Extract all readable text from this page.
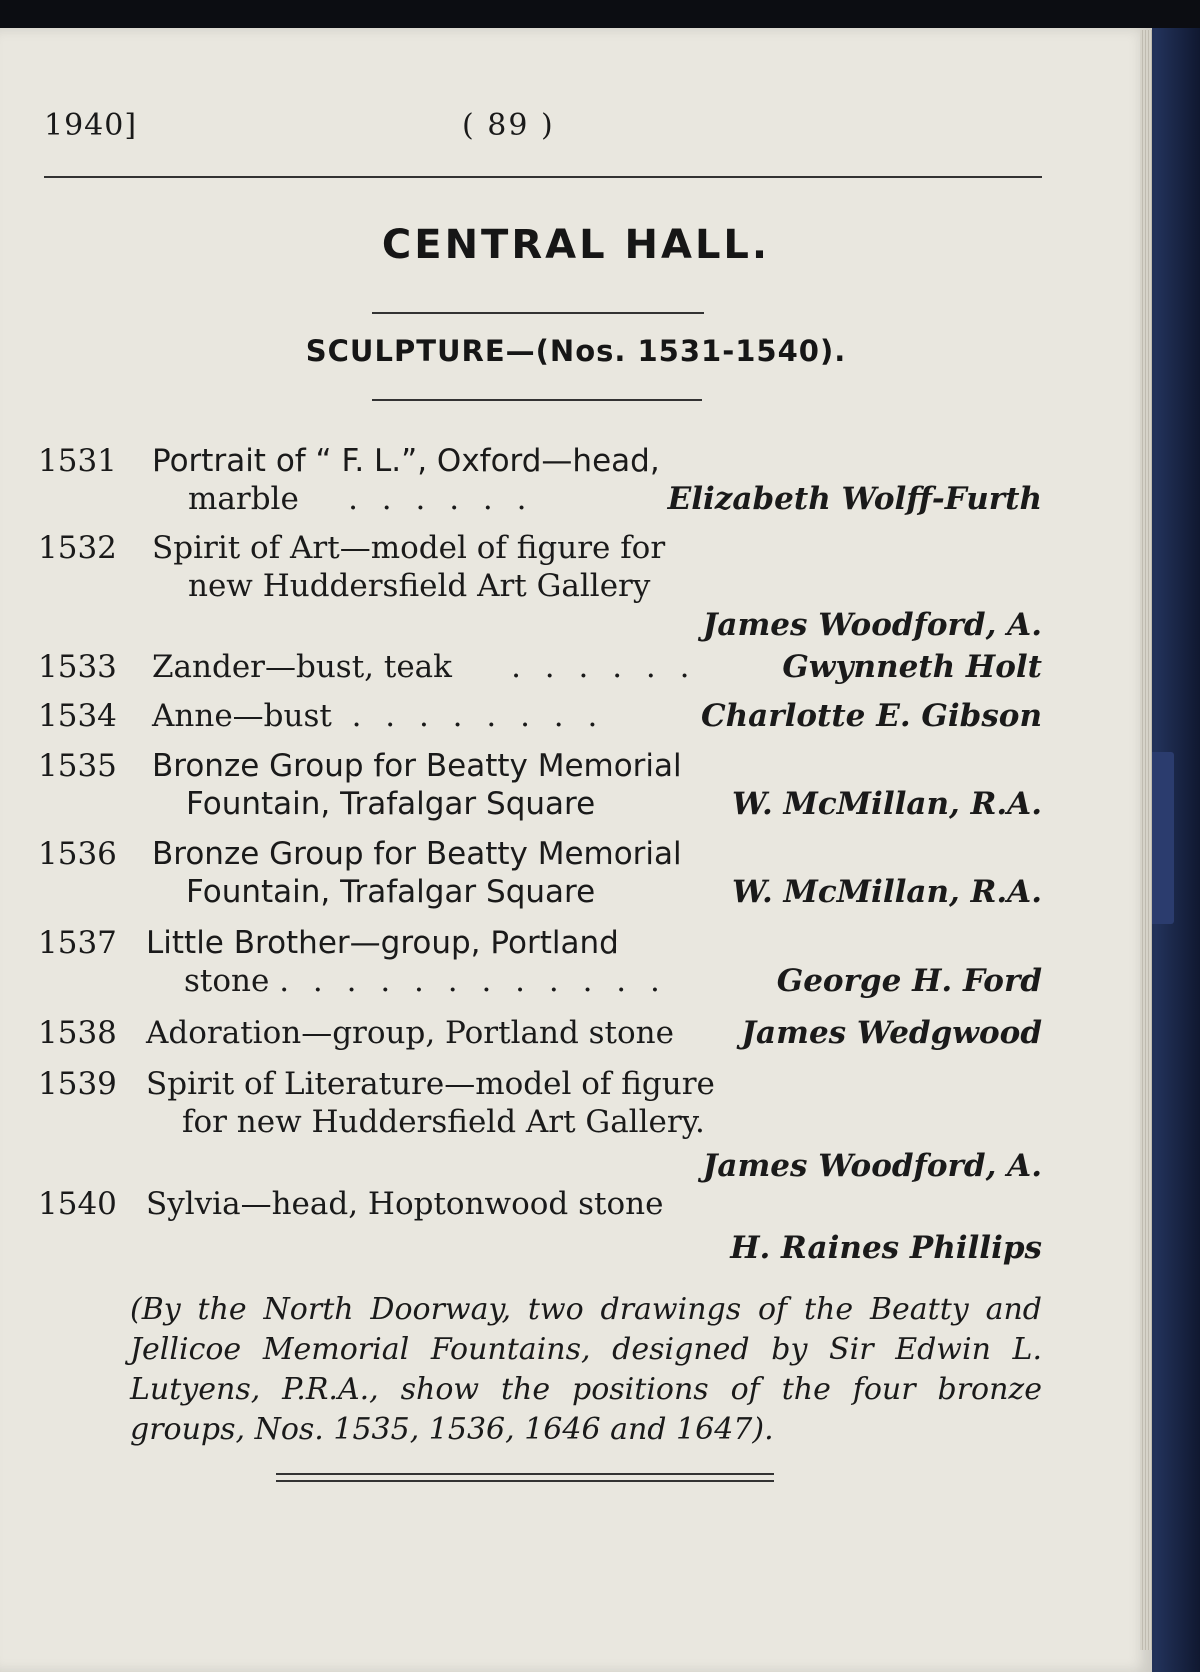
1940]	( 89 )
CENTRAL HALL.
SCULPTURE—(Nos. 1531-1540).
1531 Portrait of “ F. L.”, Oxford—head,
marble . . . . . .	Elizabeth Wolff-Furth
1532 Spirit of Art—model of figure for
new Huddersfield Art Gallery
James Woodford, A.
1533 Zander—bust, teak . . . . . .	Gwynneth Holt
1534 Anne—bust . . . . . . . .	Charlotte E. Gibson
1535 Bronze Group for Beatty Memorial
Fountain, Trafalgar Square	W. McMillan, R.A.
1536 Bronze Group for Beatty Memorial
Fountain, Trafalgar Square	W. McMillan, R.A.
1537 Little Brother—group, Portland
stone . . . . . . . . . . . .	George H. Ford
1538 Adoration—group, Portland stone James Wedgwood
1539 Spirit of Literature—model of figure
for new Huddersfield Art Gallery.
James Woodford, A.
1540 Sylvia—head, Hoptonwood stone
H. Raines Phillips
(By the North Doorway, two drawings of the Beatty and Jellicoe Memorial Fountains, designed by Sir Edwin L. Lutyens, P.R.A., show the positions of the four bronze groups, Nos. 1535, 1536, 1646 and 1647).
